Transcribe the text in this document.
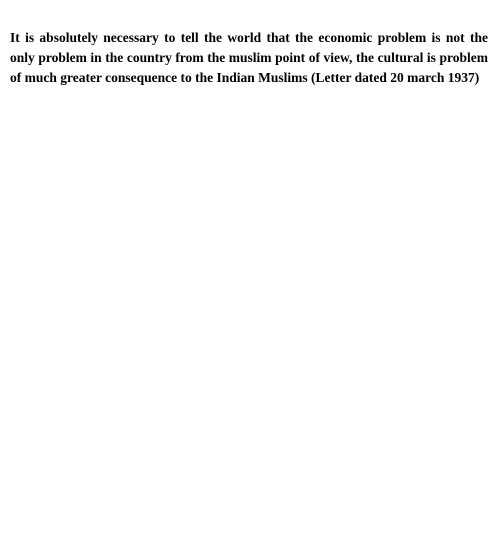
It is absolutely necessary to tell the world that the economic problem is not the only problem in the country from the muslim point of view, the cultural is problem of much greater consequence to the Indian Muslims (Letter dated 20 march 1937)
